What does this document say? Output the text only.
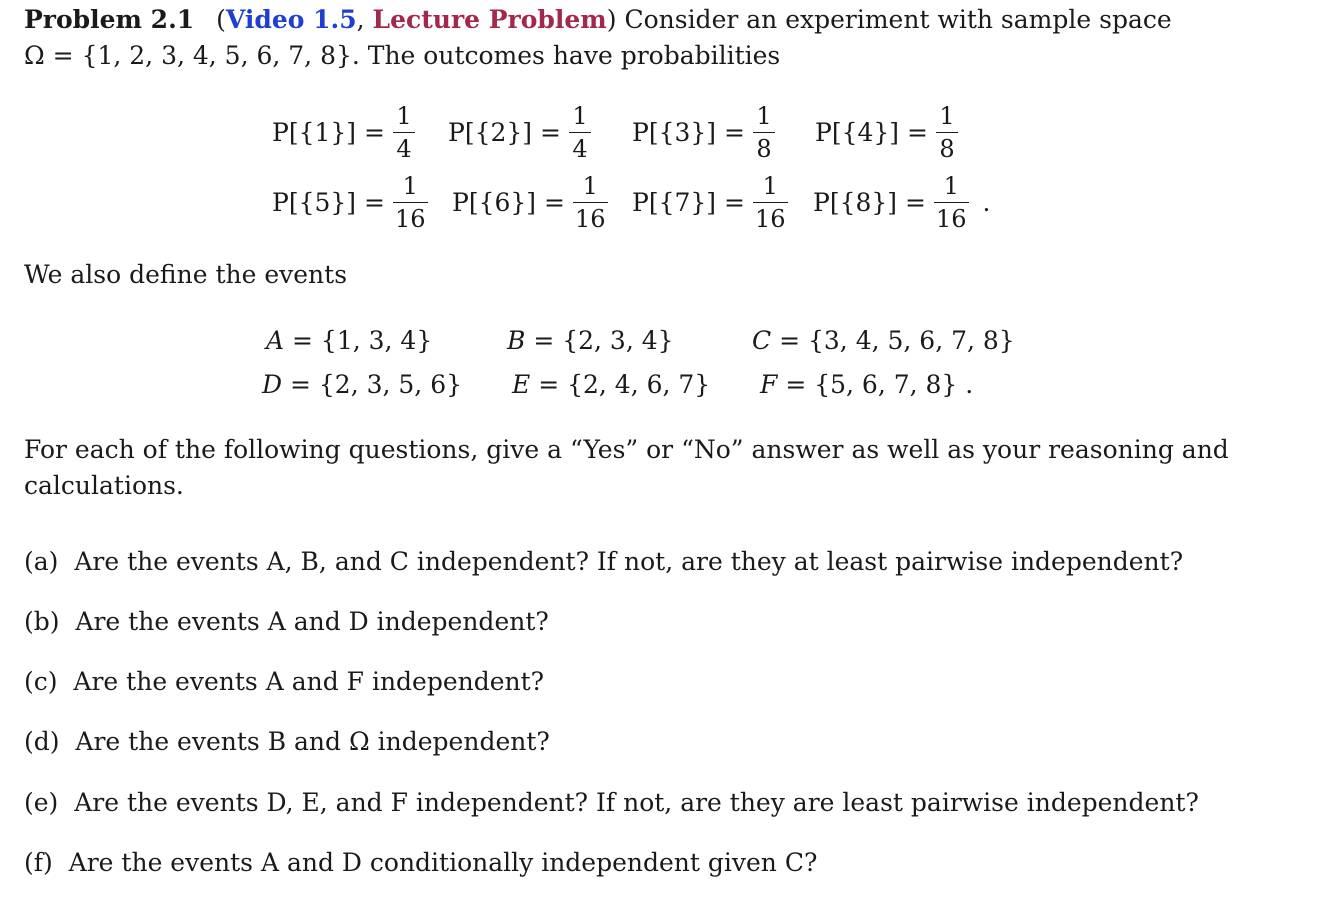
Problem 2.1 (Video 1.5, Lecture Problem) Consider an experiment with sample space
Ω = {1, 2, 3, 4, 5, 6, 7, 8}. The outcomes have probabilities
$P[\{1\}] = \frac{1}{4} P[\{2\}] = \frac{1}{4} P[\{3\}] = \frac{1}{8} P[\{4\}] = \frac{1}{8}$
$P[\{5\}] = \frac{1}{16} P[\{6\}] = \frac{1}{16} P[\{7\}] = \frac{1}{16} P[\{8\}] = \frac{1}{16}$ .
We also define the events
A = {1, 3, 4}	B = {2, 3, 4}	C = {3, 4, 5, 6, 7, 8}
D = {2, 3, 5, 6} E = {2, 4, 6, 7} F = {5, 6, 7, 8} .
For each of the following questions, give a “Yes” or “No” answer as well as your reasoning and
calculations.
(a) Are the events A, B, and C independent? If not, are they at least pairwise independent?
(b) Are the events A and D independent?
(c) Are the events A and F independent?
(d) Are the events B and Ω independent?
(e) Are the events D, E, and F independent? If not, are they are least pairwise independent?
(f) Are the events A and D conditionally independent given C?
